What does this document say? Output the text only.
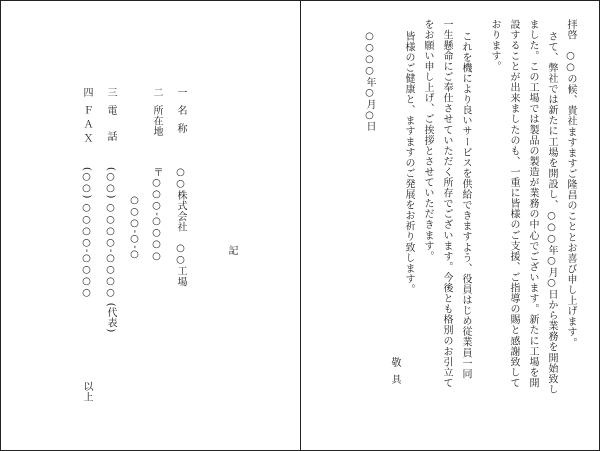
拝啓　○○の候、貴社ますますご隆昌のこととお喜び申し上げます。
さて、弊社では新たに工場を開設し、○○○年○月○日から業務を開始致し
ました。この工場では製品の製造が業務の中心でございます。新たに工場を開
設することが出来ましたのも、一重に皆様のご支援、ご指導の賜と感謝致して
おります。
これを機により良いサービスを供給できますよう、役員はじめ従業員一同
一生懸命にご奉仕させていただく所存でございます。今後とも格別のお引立て
をお願い申し上げ、ご挨拶とさせていただきます。
皆様のご健康と、ますますのご発展をお祈り致します。
敬具
○○○○年○月○日
記
一
名称
○○株式会社　○○工場
二
所在地
〒○○○-○○○○
○○○-○-○
三
電話
(○○) ○○○○-○○○○ (代表)
四
ＦＡＸ
(○○) ○○○○-○○○○
以上
